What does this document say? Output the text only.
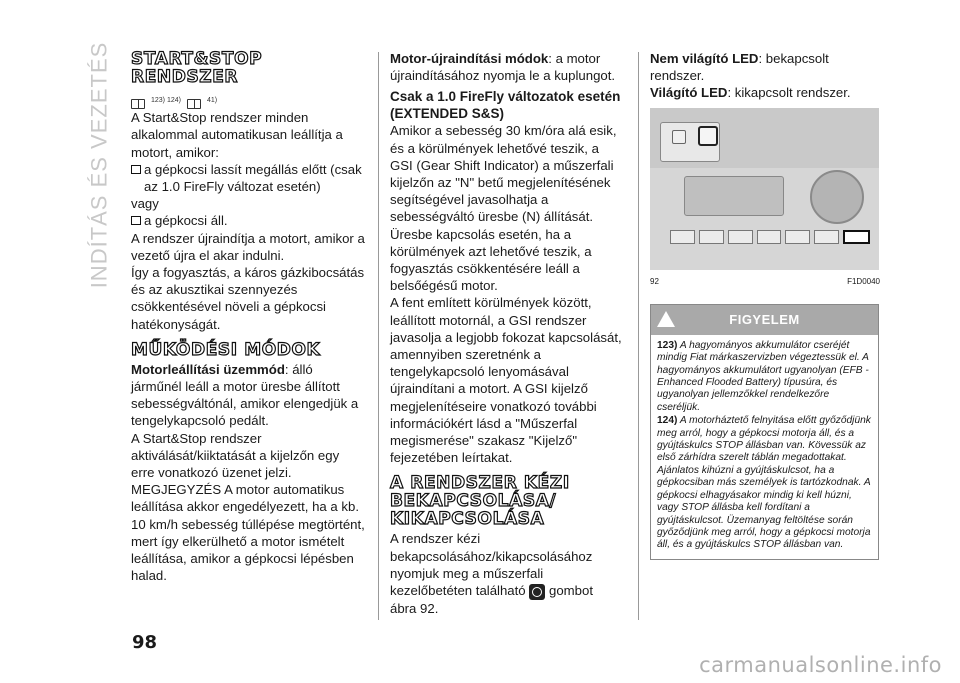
INDÍTÁS ÉS VEZETÉS START&STOP
RENDSZER
123) 124)	41)

A Start&Stop rendszer minden alkalommal automatikusan leállítja a motort, amikor:

a gépkocsi lassít megállás előtt (csak az 1.0 FireFly változat esetén)

vagy

a gépkocsi áll.

A rendszer újraindítja a motort, amikor a vezető újra el akar indulni.

Így a fogyasztás, a káros gázkibocsátás és az akusztikai szennyezés csökkentésével növeli a gépkocsi hatékonyságát.

MŰKÖDÉSI MÓDOK

Motorleállítási üzemmód: álló járműnél leáll a motor üresbe állított sebességváltónál, amikor elengedjük a tengelykapcsoló pedált.

A Start&Stop rendszer aktiválását/kiiktatását a kijelzőn egy erre vonatkozó üzenet jelzi.

MEGJEGYZÉS A motor automatikus leállítása akkor engedélyezett, ha a kb. 10 km/h sebesség túllépése megtörtént, mert így elkerülhető a motor ismételt leállítása, amikor a gépkocsi lépésben halad.

Motor-újraindítási módok: a motor újraindításához nyomja le a kuplungot.

Csak a 1.0 FireFly változatok esetén (EXTENDED S&S)

Amikor a sebesség 30 km/óra alá esik, és a körülmények lehetővé teszik, a GSI (Gear Shift Indicator) a műszerfali kijelzőn az "N" betű megjelenítésének segítségével javasolhatja a sebességváltó üresbe (N) állítását. Üresbe kapcsolás esetén, ha a körülmények azt lehetővé teszik, a fogyasztás csökkentésére leáll a belsőégésű motor.

A fent említett körülmények között, leállított motornál, a GSI rendszer javasolja a legjobb fokozat kapcsolását, amennyiben szeretnénk a tengelykapcsoló lenyomásával újraindítani a motort. A GSI kijelző megjelenítéseire vonatkozó további információkért lásd a "Műszerfal megismerése" szakasz "Kijelző" fejezetében leírtakat.

A RENDSZER KÉZI
BEKAPCSOLÁSA/
KIKAPCSOLÁSA

A rendszer kézi bekapcsolásához/kikapcsolásához nyomjuk meg a műszerfali kezelőbetéten található gombot

ábra 92.

Nem világító LED: bekapcsolt rendszer.

Világító LED: kikapcsolt rendszer.

92	F1D0040
FIGYELEM

123) A hagyományos akkumulátor cseréjét mindig Fiat márkaszervizben végeztessük el. A hagyományos akkumulátort ugyanolyan (EFB - Enhanced Flooded Battery) típusúra, és ugyanolyan jellemzőkkel rendelkezőre cseréljük.

124) A motorháztető felnyitása előtt győződjünk meg arról, hogy a gépkocsi motorja áll, és a gyújtáskulcs STOP állásban van. Kövessük az első zárhídra szerelt táblán megadottakat. Ajánlatos kihúzni a gyújtáskulcsot, ha a gépkocsiban más személyek is tartózkodnak. A gépkocsi elhagyásakor mindig ki kell húzni, vagy STOP állásba kell fordítani a gyújtáskulcsot. Üzemanyag feltöltése során győződjünk meg arról, hogy a gépkocsi motorja áll, és a gyújtáskulcs STOP állásban van.

98
carmanualsonline.info
